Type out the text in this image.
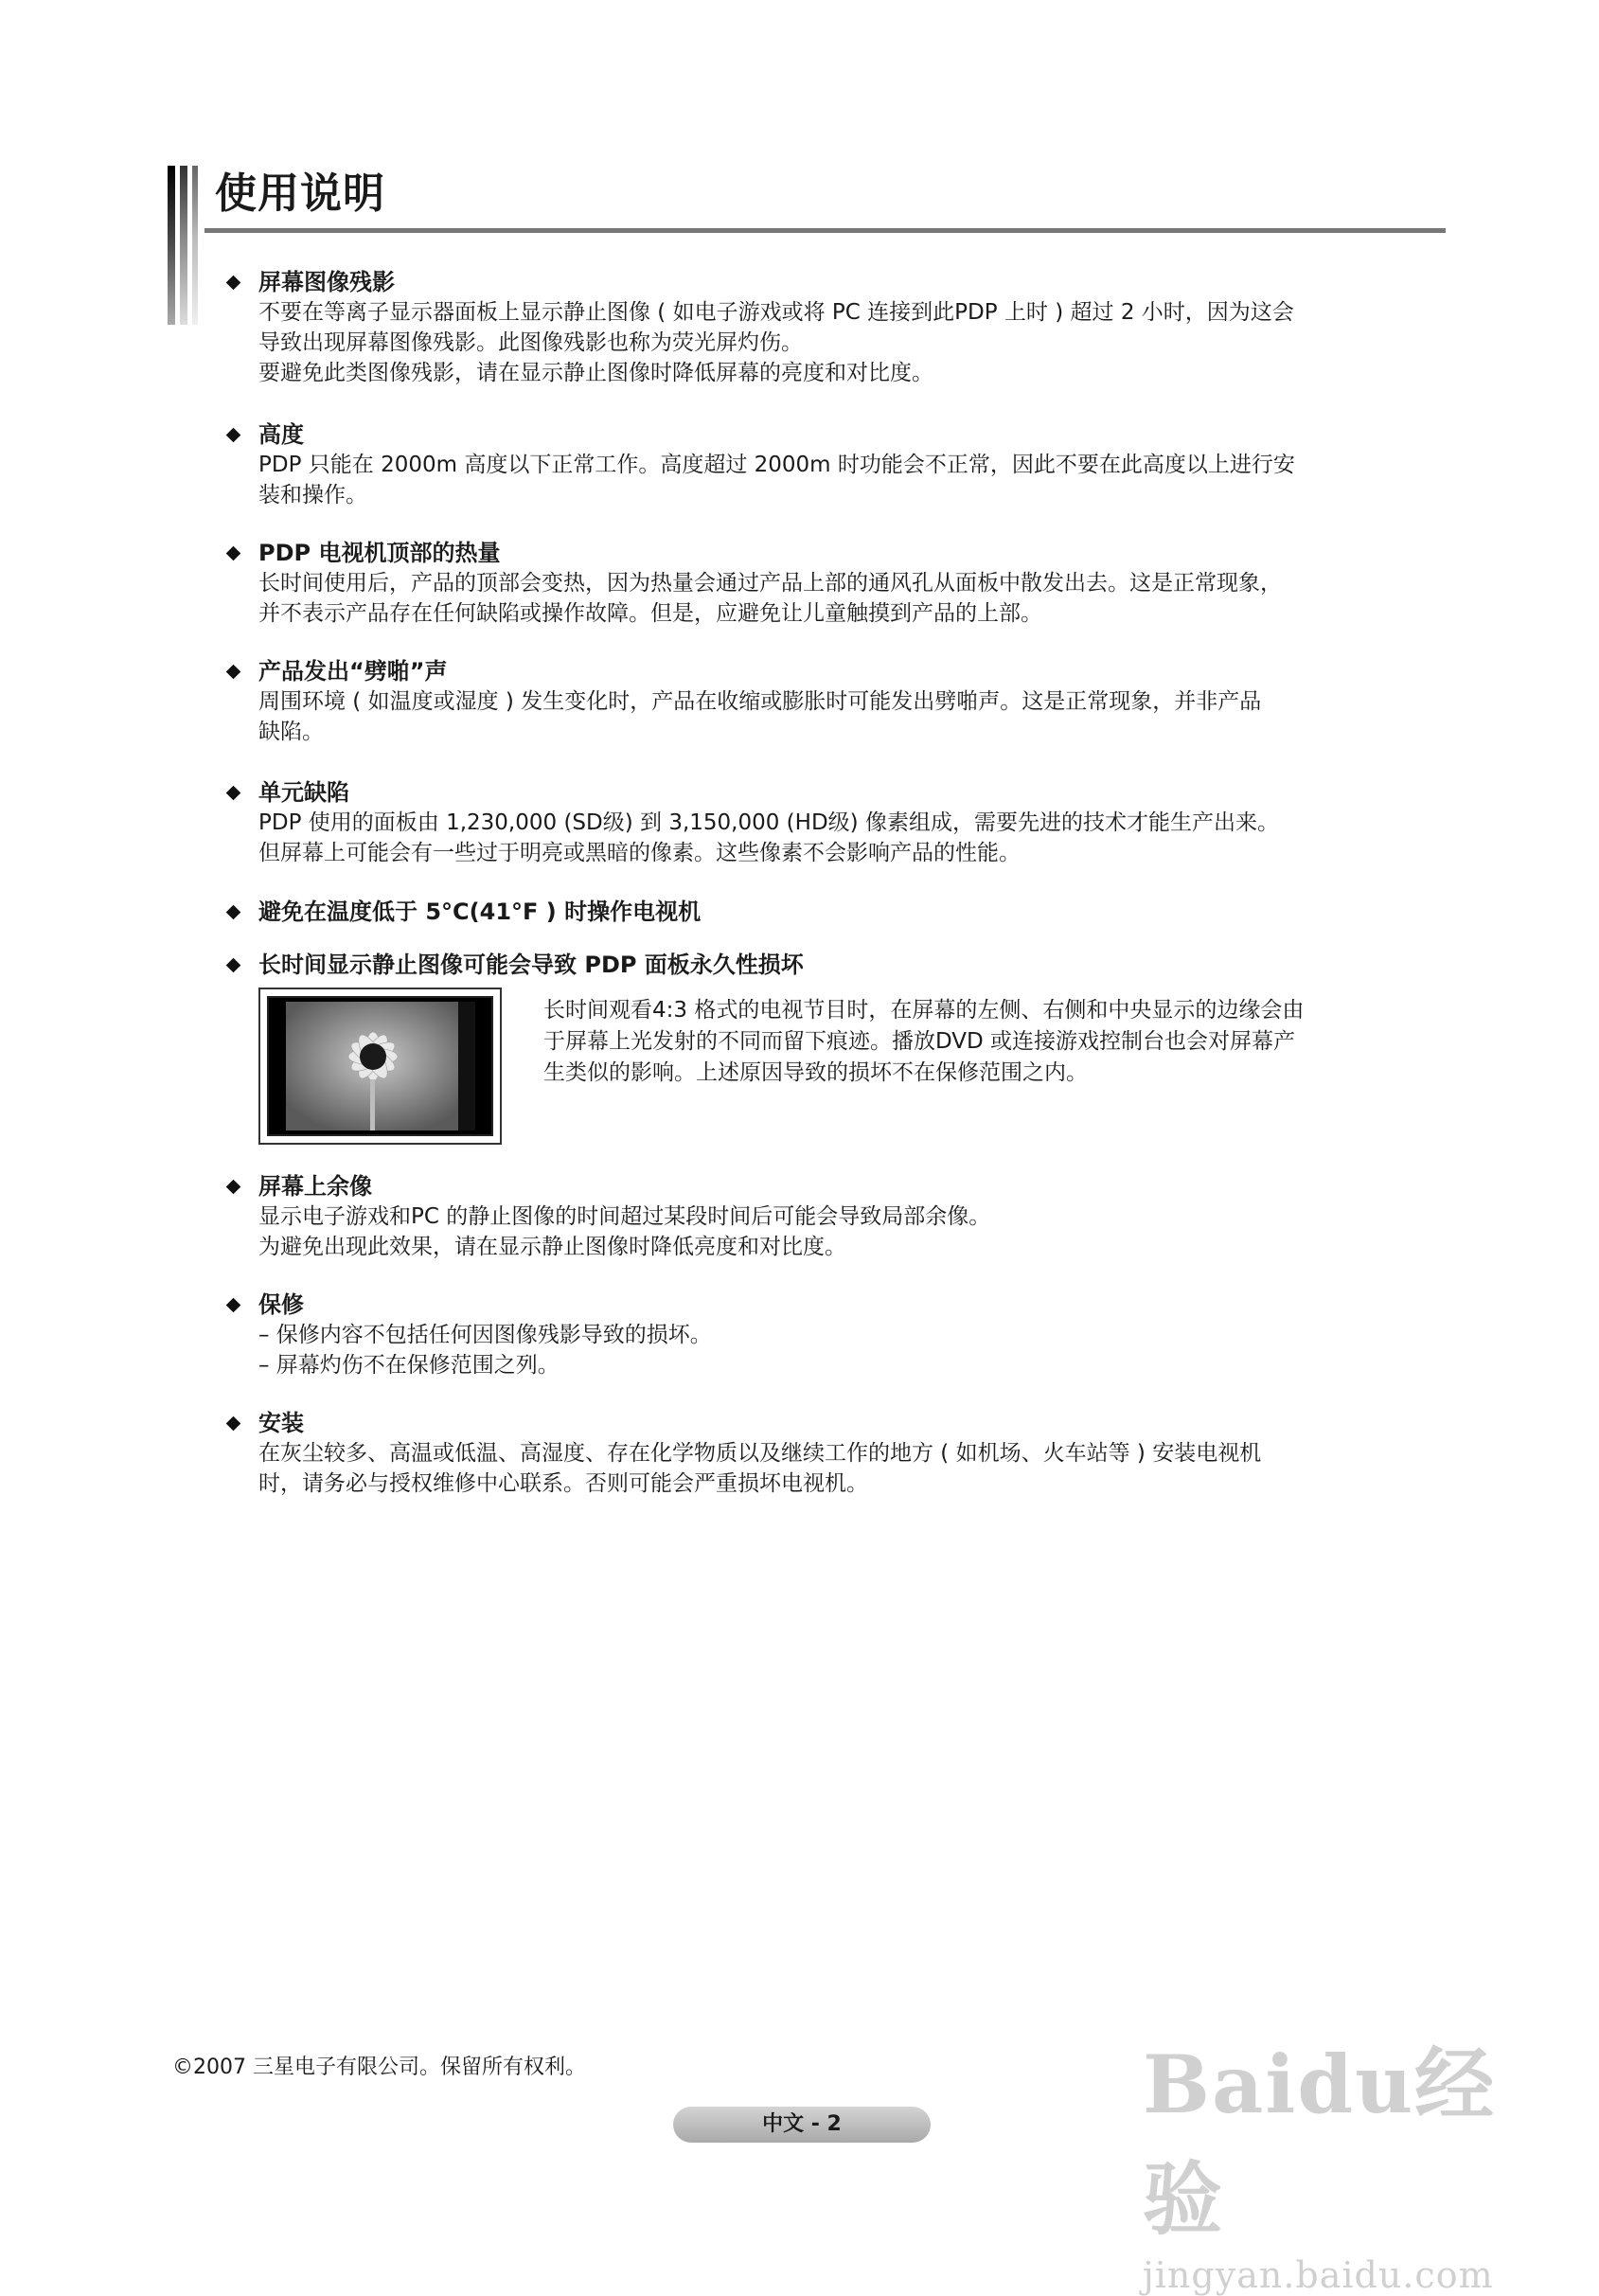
使用说明
屏幕图像残影

不要在等离子显示器面板上显示静止图像 ( 如电子游戏或将 PC 连接到此PDP 上时 ) 超过 2 小时，因为这会

导致出现屏幕图像残影。此图像残影也称为荧光屏灼伤。

要避免此类图像残影，请在显示静止图像时降低屏幕的亮度和对比度。

高度

PDP 只能在 2000m 高度以下正常工作。高度超过 2000m 时功能会不正常，因此不要在此高度以上进行安

装和操作。

PDP 电视机顶部的热量

长时间使用后，产品的顶部会变热，因为热量会通过产品上部的通风孔从面板中散发出去。这是正常现象，

并不表示产品存在任何缺陷或操作故障。但是，应避免让儿童触摸到产品的上部。

产品发出“劈啪”声

周围环境 ( 如温度或湿度 ) 发生变化时，产品在收缩或膨胀时可能发出劈啪声。这是正常现象，并非产品

缺陷。

单元缺陷

PDP 使用的面板由 1,230,000 (SD级) 到 3,150,000 (HD级) 像素组成，需要先进的技术才能生产出来。

但屏幕上可能会有一些过于明亮或黑暗的像素。这些像素不会影响产品的性能。

避免在温度低于 5°C(41°F ) 时操作电视机
长时间显示静止图像可能会导致 PDP 面板永久性损坏

长时间观看4:3 格式的电视节目时，在屏幕的左侧、右侧和中央显示的边缘会由

于屏幕上光发射的不同而留下痕迹。播放DVD 或连接游戏控制台也会对屏幕产

生类似的影响。上述原因导致的损坏不在保修范围之内。

屏幕上余像

显示电子游戏和PC 的静止图像的时间超过某段时间后可能会导致局部余像。

为避免出现此效果，请在显示静止图像时降低亮度和对比度。

保修

– 保修内容不包括任何因图像残影导致的损坏。

– 屏幕灼伤不在保修范围之列。

安装

在灰尘较多、高温或低温、高湿度、存在化学物质以及继续工作的地方 ( 如机场、火车站等 ) 安装电视机

时，请务必与授权维修中心联系。否则可能会严重损坏电视机。

©2007 三星电子有限公司。保留所有权利。
中文 - 2	Baidu经验
jingyan.baidu.com
